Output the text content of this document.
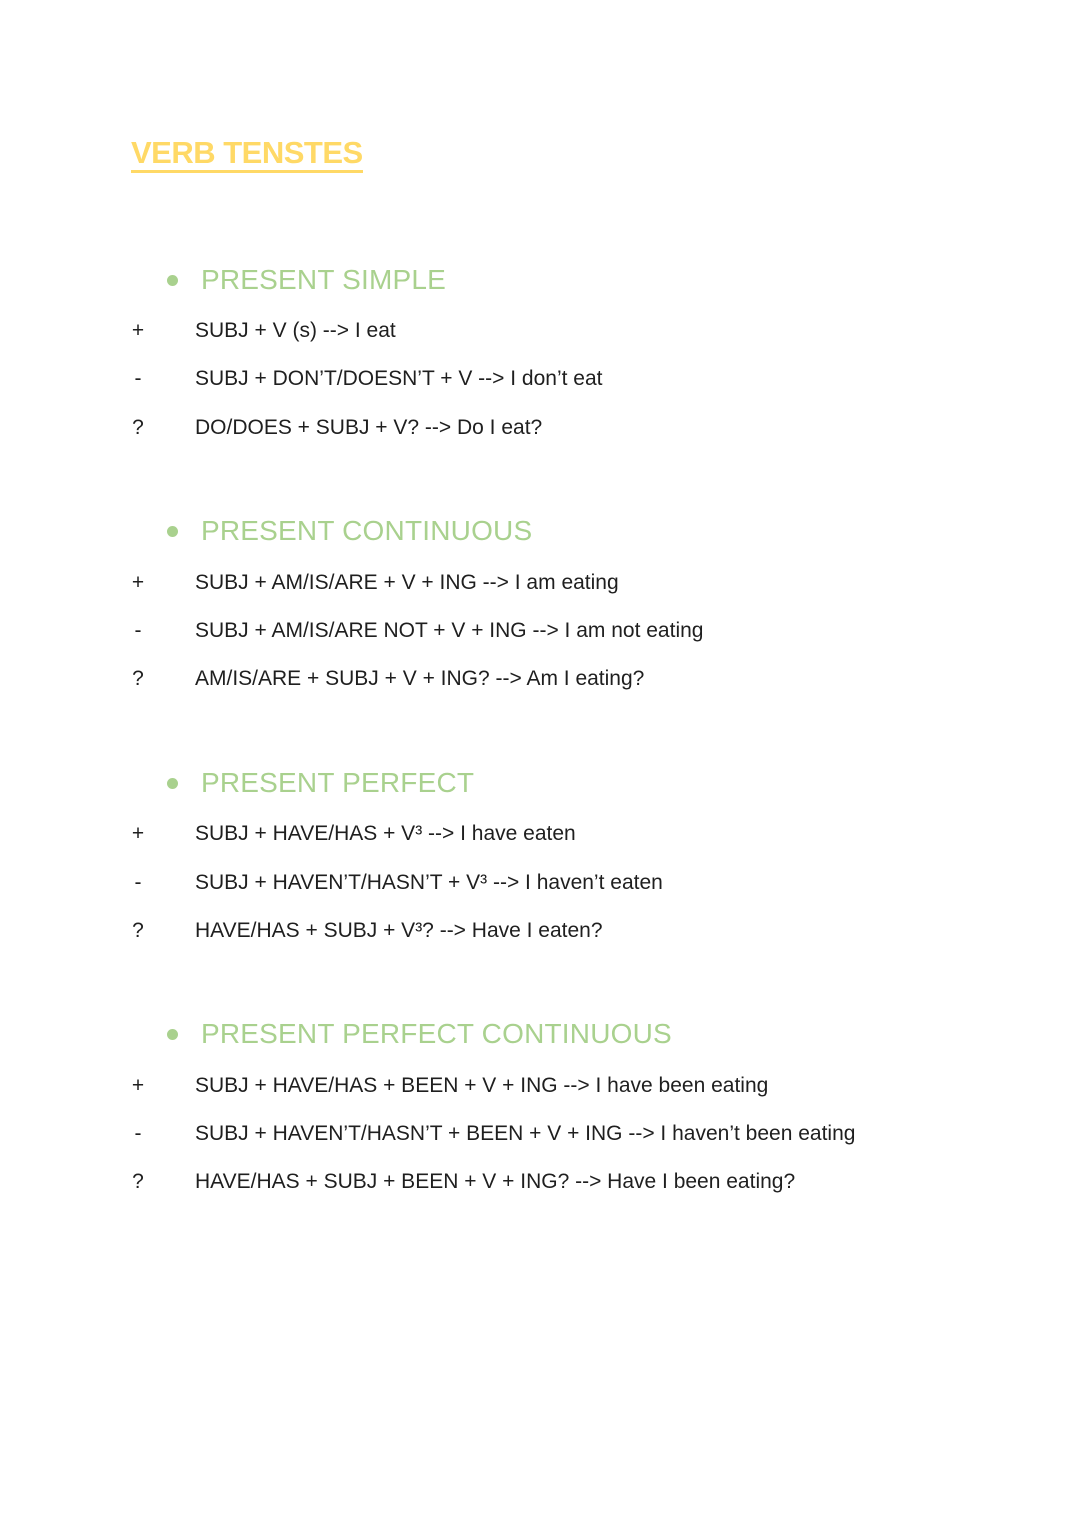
VERB TENSTES
PRESENT SIMPLE
+ SUBJ + V (s) --> I eat
-	SUBJ + DON’T/DOESN’T + V --> I don’t eat
? DO/DOES + SUBJ + V? --> Do I eat?
PRESENT CONTINUOUS
+ SUBJ + AM/IS/ARE + V + ING --> I am eating
-	SUBJ + AM/IS/ARE NOT + V + ING --> I am not eating
? AM/IS/ARE + SUBJ + V + ING? --> Am I eating?
PRESENT PERFECT
+ SUBJ + HAVE/HAS + V³ --> I have eaten
-	SUBJ + HAVEN’T/HASN’T + V³ --> I haven’t eaten
? HAVE/HAS + SUBJ + V³? --> Have I eaten?
PRESENT PERFECT CONTINUOUS
+ SUBJ + HAVE/HAS + BEEN + V + ING --> I have been eating
-	SUBJ + HAVEN’T/HASN’T + BEEN + V + ING --> I haven’t been eating
? HAVE/HAS + SUBJ + BEEN + V + ING? --> Have I been eating?
